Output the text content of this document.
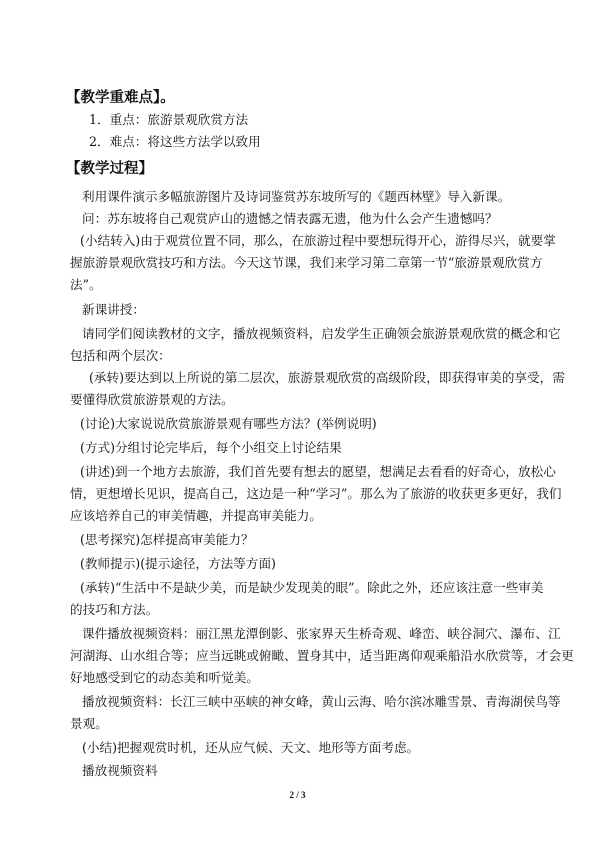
【教学重难点】。
1．重点：旅游景观欣赏方法
2．难点：将这些方法学以致用
【教学过程】
利用课件演示多幅旅游图片及诗词鉴赏苏东坡所写的《题西林壁》导入新课。
问：苏东坡将自己观赏庐山的遗憾之情表露无遗，他为什么会产生遗憾吗？
(小结转入)由于观赏位置不同，那么，在旅游过程中要想玩得开心，游得尽兴，就要掌
握旅游景观欣赏技巧和方法。今天这节课，我们来学习第二章第一节“旅游景观欣赏方
法”。
新课讲授：
请同学们阅读教材的文字，播放视频资料，启发学生正确领会旅游景观欣赏的概念和它
包括和两个层次：
(承转)要达到以上所说的第二层次，旅游景观欣赏的高级阶段，即获得审美的享受，需
要懂得欣赏旅游景观的方法。
(讨论)大家说说欣赏旅游景观有哪些方法？(举例说明)
(方式)分组讨论完毕后，每个小组交上讨论结果
(讲述)到一个地方去旅游，我们首先要有想去的愿望，想满足去看看的好奇心，放松心
情，更想增长见识，提高自己，这边是一种“学习”。那么为了旅游的收获更多更好，我们
应该培养自己的审美情趣，并提高审美能力。
(思考探究)怎样提高审美能力？
(教师提示)(提示途径，方法等方面)
(承转)“生活中不是缺少美，而是缺少发现美的眼”。除此之外，还应该注意一些审美
的技巧和方法。
课件播放视频资料：丽江黑龙潭倒影、张家界天生桥奇观、峰峦、峡谷洞穴、瀑布、江
河湖海、山水组合等；应当远眺或俯瞰、置身其中，适当距离仰观乘船沿水欣赏等，才会更
好地感受到它的动态美和听觉美。
播放视频资料：长江三峡中巫峡的神女峰，黄山云海、哈尔滨冰雕雪景、青海湖侯鸟等
景观。
(小结)把握观赏时机，还从应气候、天文、地形等方面考虑。
播放视频资料
2 / 3
